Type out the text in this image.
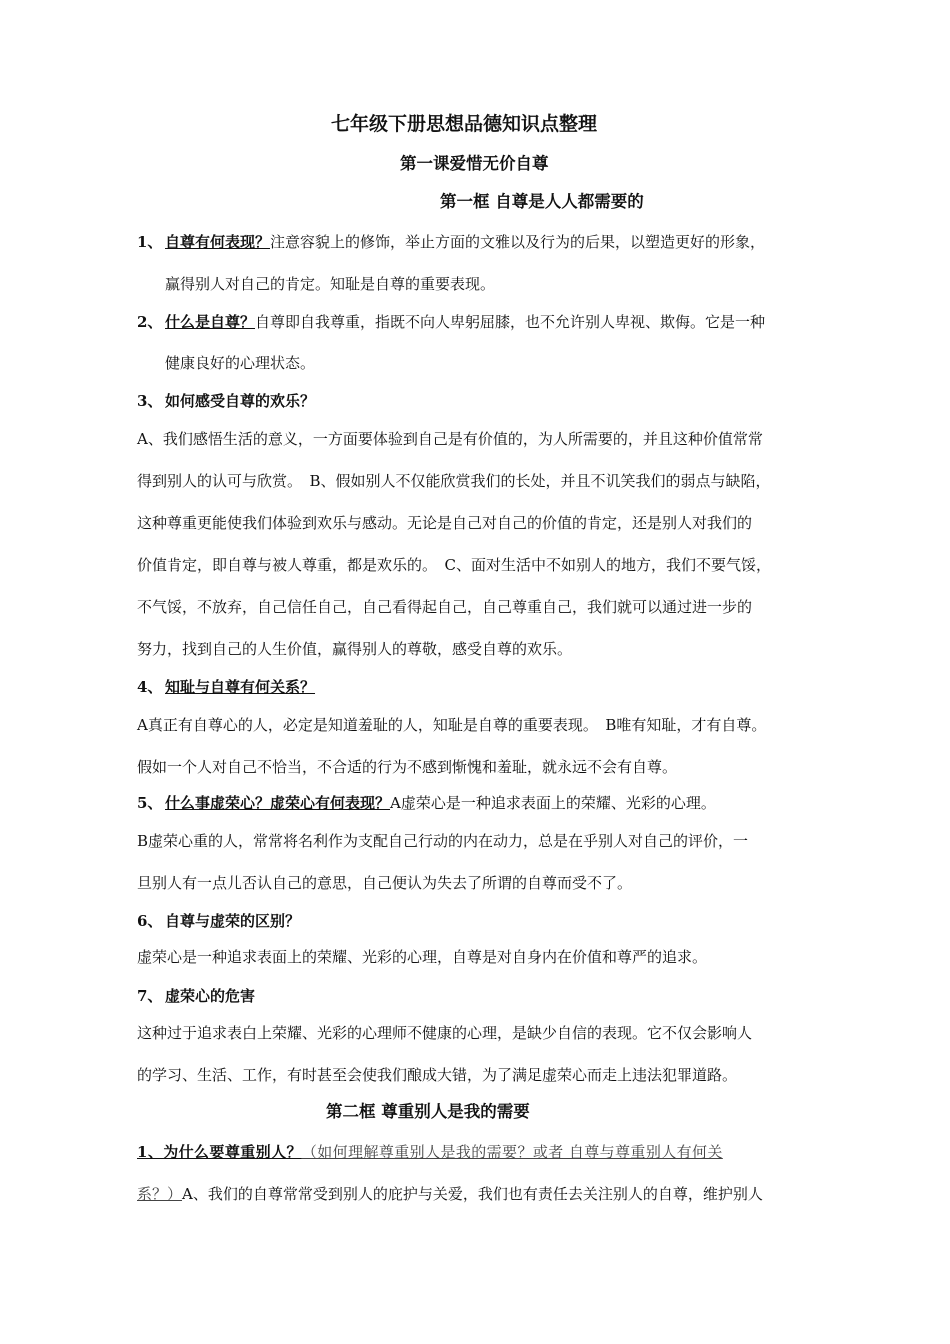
七年级下册思想品德知识点整理
第一课爱惜无价自尊
第一框 自尊是人人都需要的
1、 自尊有何表现？注意容貌上的修饰，举止方面的文雅以及行为的后果，以塑造更好的形象，
赢得别人对自己的肯定。知耻是自尊的重要表现。
2、 什么是自尊？自尊即自我尊重，指既不向人卑躬屈膝，也不允许别人卑视、欺侮。它是一种
健康良好的心理状态。
3、 如何感受自尊的欢乐？
A、我们感悟生活的意义，一方面要体验到自己是有价值的，为人所需要的，并且这种价值常常
得到别人的认可与欣赏。　B、假如别人不仅能欣赏我们的长处，并且不讥笑我们的弱点与缺陷，
这种尊重更能使我们体验到欢乐与感动。无论是自己对自己的价值的肯定，还是别人对我们的
价值肯定，即自尊与被人尊重，都是欢乐的。　C、面对生活中不如别人的地方，我们不要气馁，
不气馁，不放弃，自己信任自己，自己看得起自己，自己尊重自己，我们就可以通过进一步的
努力，找到自己的人生价值，赢得别人的尊敬，感受自尊的欢乐。
4、 知耻与自尊有何关系？
A真正有自尊心的人，必定是知道羞耻的人，知耻是自尊的重要表现。　B唯有知耻，才有自尊。
假如一个人对自己不恰当，不合适的行为不感到惭愧和羞耻，就永远不会有自尊。
5、 什么事虚荣心？虚荣心有何表现？A虚荣心是一种追求表面上的荣耀、光彩的心理。
B虚荣心重的人，常常将名利作为支配自己行动的内在动力，总是在乎别人对自己的评价，一
旦别人有一点儿否认自己的意思，自己便认为失去了所谓的自尊而受不了。
6、 自尊与虚荣的区别？
虚荣心是一种追求表面上的荣耀、光彩的心理，自尊是对自身内在价值和尊严的追求。
7、 虚荣心的危害
这种过于追求表白上荣耀、光彩的心理师不健康的心理，是缺少自信的表现。它不仅会影响人
的学习、生活、工作，有时甚至会使我们酿成大错，为了满足虚荣心而走上违法犯罪道路。
第二框 尊重别人是我的需要
1、为什么要尊重别人？（如何理解尊重别人是我的需要？或者 自尊与尊重别人有何关
系？）A、我们的自尊常常受到别人的庇护与关爱，我们也有责任去关注别人的自尊，维护别人
